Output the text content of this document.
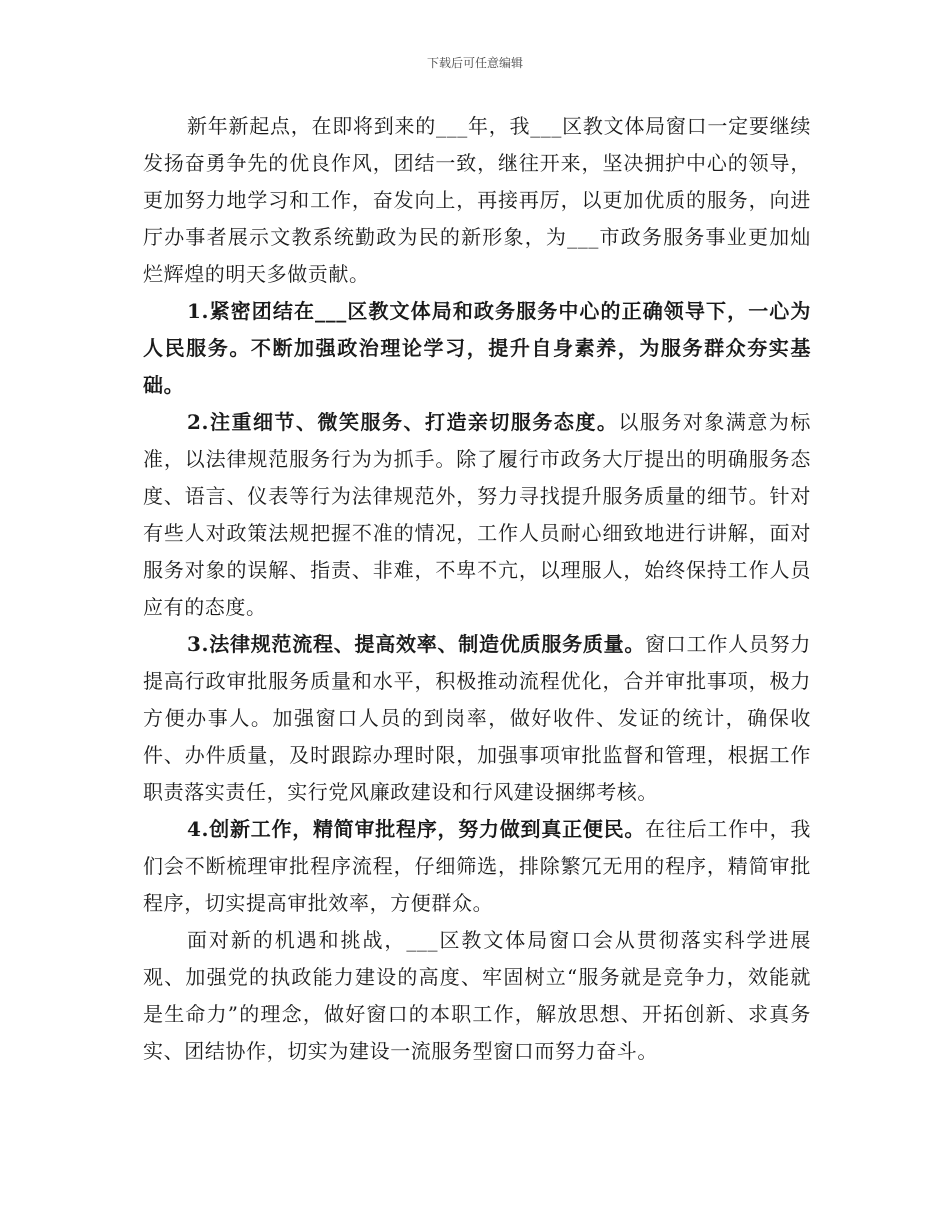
下载后可任意编辑

新年新起点，在即将到来的___年，我___区教文体局窗口一定要继续发扬奋勇争先的优良作风，团结一致，继往开来，坚决拥护中心的领导，更加努力地学习和工作，奋发向上，再接再厉，以更加优质的服务，向进厅办事者展示文教系统勤政为民的新形象，为___市政务服务事业更加灿烂辉煌的明天多做贡献。

1.紧密团结在___区教文体局和政务服务中心的正确领导下，一心为人民服务。不断加强政治理论学习，提升自身素养，为服务群众夯实基础。

2.注重细节、微笑服务、打造亲切服务态度。以服务对象满意为标准，以法律规范服务行为为抓手。除了履行市政务大厅提出的明确服务态度、语言、仪表等行为法律规范外，努力寻找提升服务质量的细节。针对有些人对政策法规把握不准的情况，工作人员耐心细致地进行讲解，面对服务对象的误解、指责、非难，不卑不亢，以理服人，始终保持工作人员应有的态度。

3.法律规范流程、提高效率、制造优质服务质量。窗口工作人员努力提高行政审批服务质量和水平，积极推动流程优化，合并审批事项，极力方便办事人。加强窗口人员的到岗率，做好收件、发证的统计，确保收件、办件质量，及时跟踪办理时限，加强事项审批监督和管理，根据工作职责落实责任，实行党风廉政建设和行风建设捆绑考核。

4.创新工作，精简审批程序，努力做到真正便民。在往后工作中，我们会不断梳理审批程序流程，仔细筛选，排除繁冗无用的程序，精简审批程序，切实提高审批效率，方便群众。

面对新的机遇和挑战，___区教文体局窗口会从贯彻落实科学进展观、加强党的执政能力建设的高度、牢固树立“服务就是竞争力，效能就是生命力”的理念，做好窗口的本职工作，解放思想、开拓创新、求真务实、团结协作，切实为建设一流服务型窗口而努力奋斗。
